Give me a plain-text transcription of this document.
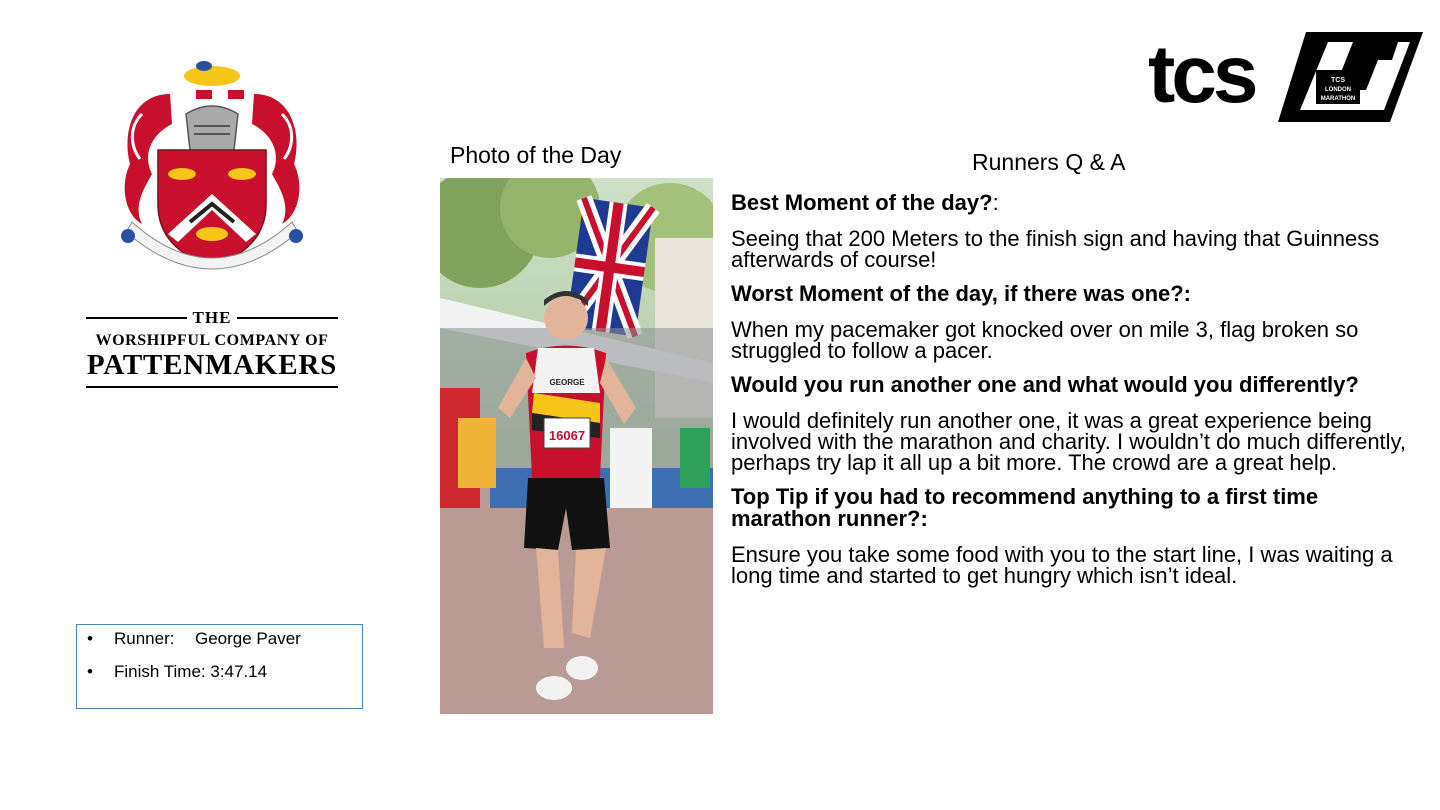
THE
WORSHIPFUL COMPANY OF
PATTENMAKERS
• Runner: George Paver
• Finish Time: 3:47.14
Photo of the Day
16067
GEORGE
tcs	TCS
LONDON
MARATHON
Runners Q & A
Best Moment of the day?:
Seeing that 200 Meters to the finish sign and having that Guinness afterwards of course!
Worst Moment of the day, if there was one?:
When my pacemaker got knocked over on mile 3, flag broken so struggled to follow a pacer.
Would you run another one and what would you differently?
I would definitely run another one, it was a great experience being involved with the marathon and charity. I wouldn’t do much differently, perhaps try lap it all up a bit more. The crowd are a great help.
Top Tip if you had to recommend anything to a first time marathon runner?:
Ensure you take some food with you to the start line, I was waiting a long time and started to get hungry which isn’t ideal.
